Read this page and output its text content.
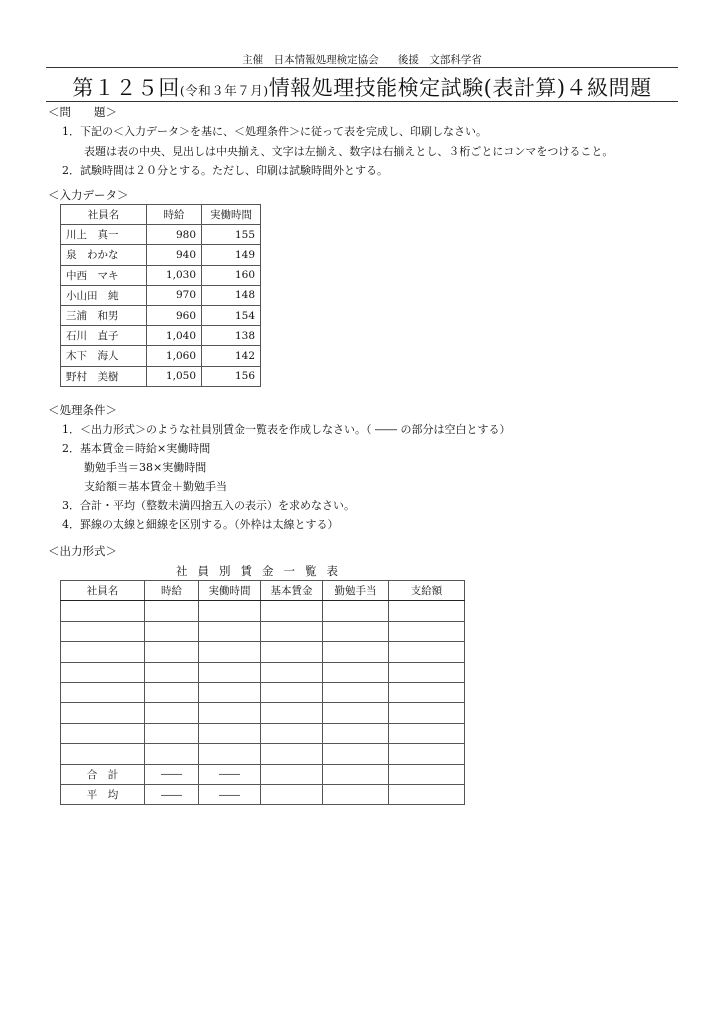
主催　日本情報処理検定協会 後援　文部科学省
第１２５回(令和３年７月)情報処理技能検定試験(表計算)４級問題
＜問　　題＞
1．下記の＜入力データ＞を基に、＜処理条件＞に従って表を完成し、印刷しなさい。
表題は表の中央、見出しは中央揃え、文字は左揃え、数字は右揃えとし、３桁ごとにコンマをつけること。
2．試験時間は２０分とする。ただし、印刷は試験時間外とする。
＜入力データ＞
社員名	時給	実働時間
川上　真一	980	155
泉　わかな	940	149
中西　マキ	1,030	160
小山田　純	970	148
三浦　和男	960	154
石川　直子	1,040	138
木下　海人	1,060	142
野村　美樹	1,050	156
＜処理条件＞
1．＜出力形式＞のような社員別賃金一覧表を作成しなさい。（ ―― の部分は空白とする）
2．基本賃金＝時給×実働時間
勤勉手当＝38×実働時間
支給額＝基本賃金＋勤勉手当
3．合計・平均（整数未満四捨五入の表示）を求めなさい。
4．罫線の太線と細線を区別する。（外枠は太線とする）
＜出力形式＞
社員別賃金一覧表
社員名	時給	実働時間	基本賃金	勤勉手当	支給額

合　計	――	――			
平　均	――	――			
